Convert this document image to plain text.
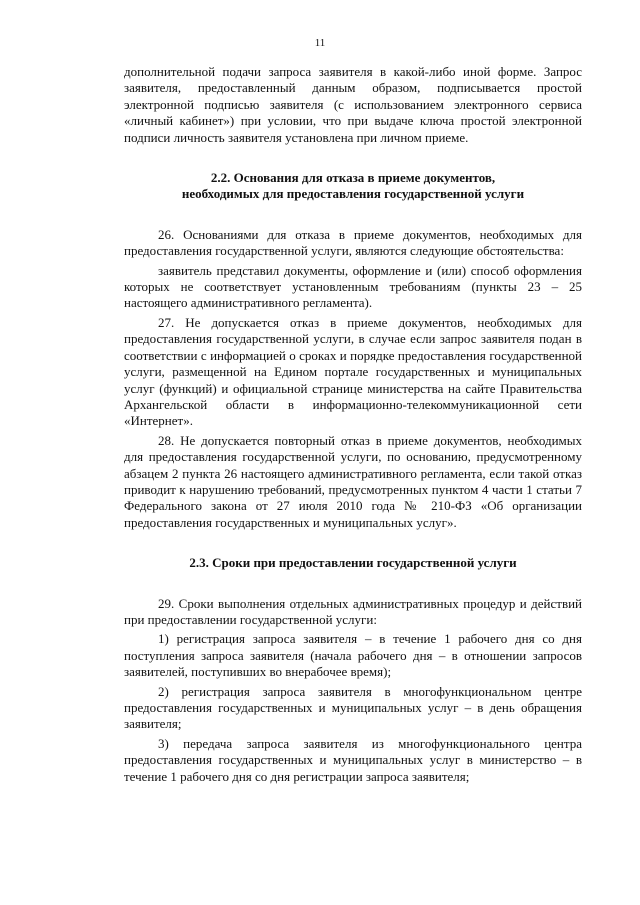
11

дополнительной подачи запроса заявителя в какой-либо иной форме. Запрос заявителя, предоставленный данным образом, подписывается простой электронной подписью заявителя (с использованием электронного сервиса «личный кабинет») при условии, что при выдаче ключа простой электронной подписи личность заявителя установлена при личном приеме.

2.2. Основания для отказа в приеме документов,
необходимых для предоставления государственной услуги

26. Основаниями для отказа в приеме документов, необходимых для предоставления государственной услуги, являются следующие обстоятельства:

заявитель представил документы, оформление и (или) способ оформления которых не соответствует установленным требованиям (пункты 23 – 25 настоящего административного регламента).

27. Не допускается отказ в приеме документов, необходимых для предоставления государственной услуги, в случае если запрос заявителя подан в соответствии с информацией о сроках и порядке предоставления государственной услуги, размещенной на Едином портале государственных и муниципальных услуг (функций) и официальной странице министерства на сайте Правительства Архангельской области в информационно-телекоммуникационной сети «Интернет».

28. Не допускается повторный отказ в приеме документов, необходимых для предоставления государственной услуги, по основанию, предусмотренному абзацем 2 пункта 26 настоящего административного регламента, если такой отказ приводит к нарушению требований, предусмотренных пунктом 4 части 1 статьи 7 Федерального закона от 27 июля 2010 года № 210-ФЗ «Об организации предоставления государственных и муниципальных услуг».

2.3. Сроки при предоставлении государственной услуги

29. Сроки выполнения отдельных административных процедур и действий при предоставлении государственной услуги:

1) регистрация запроса заявителя – в течение 1 рабочего дня со дня поступления запроса заявителя (начала рабочего дня – в отношении запросов заявителей, поступивших во внерабочее время);

2) регистрация запроса заявителя в многофункциональном центре предоставления государственных и муниципальных услуг – в день обращения заявителя;

3) передача запроса заявителя из многофункционального центра предоставления государственных и муниципальных услуг в министерство – в течение 1 рабочего дня со дня регистрации запроса заявителя;
